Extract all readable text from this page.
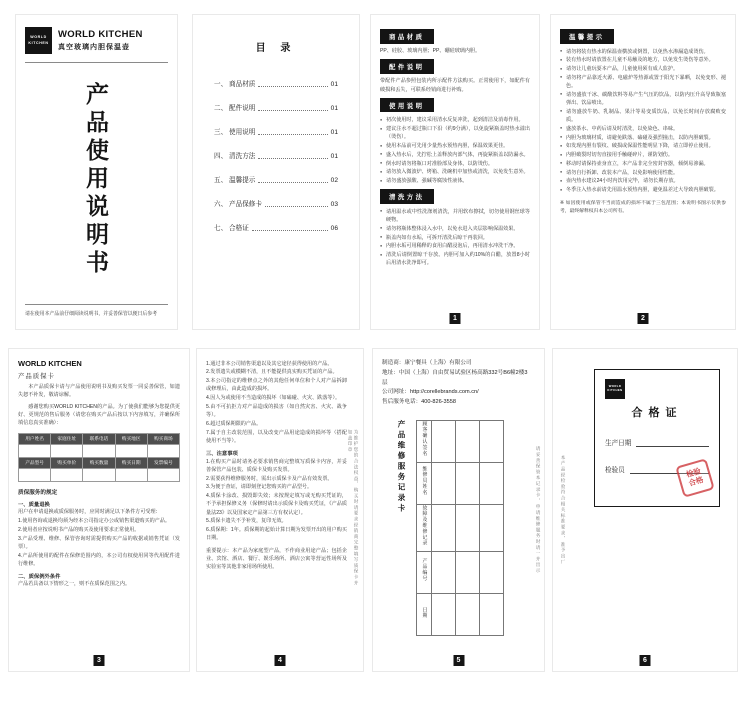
WORLD
KITCHEN
WORLD KITCHEN
真空玻璃内胆保温壶
产品使用说明书
请在使用本产品前仔细阅读说明书，并妥善保管以便日后参考
目 录
一、 商品材质	01
二、 配件说明	01
三、 使用说明	01
四、 清洗方法	01
五、 温馨提示	02
六、 产品保修卡	03
七、 合格证	06
商品材质
PP、硅胶、玻璃内胆；PP、硼硅玻璃内胆。
配件说明
带配件产品参照包装内所示配件方法购买。正常使用下，如配件有破损和丢失，可联系经销商进行补购。
使用说明
● 初次使用时，建议采用清水反复冲洗，起到清洁及消毒作用。
● 建议注水不超过瓶口下沿（约9分满），以免旋紧瓶盖时热水溢出（烫伤）。
● 使用本品前可先用少量热水预热内胆，保温效果更佳。
● 盛入热水后，先拧松上盖释放内部气体，再旋紧瓶盖以防漏水。
● 倒水时请勿将瓶口对准脸部及身体，以防烫伤。
● 请勿放入微波炉、烤箱、洗碗机中加热或清洗，以免发生意外。
● 请勿盛放强酸、强碱等腐蚀性液体。
清洗方法
● 请用温水或中性洗涤剂清洗，并用软布擦拭，切勿使用钢丝球等硬物。
● 请勿将瓶体整体浸入水中，以免水进入夹层影响保温效果。
● 瓶盖内如有水垢，可拆开清洗后晾干再装回。
● 内胆水垢可用稀释的食用白醋浸泡后，再用清水冲洗干净。
● 清洗后请倒置晾干存放。内胆可加入约10%的白醋，放置8小时后用清水洗净即可。
1
温馨提示
● 请勿将装有热水的保温壶横放或倒置，以免热水渗漏造成烫伤。
● 装有热水时请放置在儿童不易触及的地方，以免发生烫伤等意外。
● 请勿让儿童玩耍本产品，儿童使用须有成人监护。
● 请勿将产品靠近火源、电磁炉等热源或置于阳光下暴晒，以免变形、褪色。
● 请勿盛放干冰、碳酸饮料等易产生气压的饮品，以防内压升高导致瓶塞弹出、饮品喷出。
● 请勿盛放牛奶、乳制品、果汁等易变质饮品，以免长时间存放腐败变质。
● 盛放茶水、中药后请及时清洗，以免染色、串味。
● 内胆为玻璃材质，请避免跌落、磕碰及强烈撞击，以防内胆破裂。
● 如发现内胆有裂纹、破损或保温性能明显下降，请立即停止使用。
● 内胆破裂时切勿直接用手触碰碎片，谨防划伤。
● 移动时请保持壶身直立，本产品非完全密封容器，倾倒易渗漏。
● 请勿自行拆卸、改装本产品，以免影响使用性能。
● 壶内热水建议24小时内饮用完毕，请勿长期存放。
● 冬季注入热水前请先用温水预热内胆，避免温差过大导致内胆破裂。
※ 如因使用或保管不当而造成的损坏不属于三包范围；本说明书图示仅供参考，最终解释权归本公司所有。
2
WORLD KITCHEN
产品质保卡

本产品质保卡请与产品使用说明书及购买发票一同妥善保管，如遗失恕不补发，敬请谅解。

感谢您购买WORLD KITCHEN的产品。为了使我们能够为您提供更好、更规范的售后服务（请您在购买产品后按以下内容填写，并确保所填信息真实准确）：

用户姓名	家庭住址	联系电话	购买地区	购买商场

产品型号	购买单价	购买数量	购买日期	发票编号

质保服务的规定
一、质量退换
用户在申请退换或质保服务时，应同时满足以下条件方可受理：
1.使用咨询或退换均须为经本公司指定办公或销售渠道购买的产品。
2.使用者应按说明书产品的购买及使用要求正常使用。
3.产品受理、维修、保管咨询时需提供购买产品的收据或销售凭证（发票）。
4.产品所使用的配件在保修范围内的，本公司有权使用同等代用配件进行维修。
二、质保例外条件
产品若具备以下情形之一，则不在质保范围之内。
3
1.通过非本公司销售渠道以及其它途径获得使用的产品。
2.发票遗失或模糊不清，且不能提供真实购买凭证的产品。
3.本公司指定的维修点之外的其他任何单位和个人对产品拆卸或修理后，由此造成的损坏。
4.因人为或使用不当造成的损坏（如磕碰、火灾、跌落等）。
5.由不可抗拒力对产品造成的损害（如自然灾害、火灾、战争等）。
6.超过质保期限的产品。
7.属于自主改装范围，以及改变产品用途造成的损坏等（搭配使用不当等）。
三、注意事项
1.在购买产品时请务必要求销售商完整填写质保卡内容，并妥善保管产品包装、质保卡及购买发票。
2.需要获得维修服务时，需出示质保卡及产品有效发票。
3.为便于查证，请即刻登记您购买的产品型号。
4.质保卡涂改、损毁即失效；未按规定填写或无购买凭证的，不予承担保修义务（保修时请出示质保卡及购买凭证，《产品质量法23》以及国家定产品第三方有权认定）。
5.质保卡遗失不予补发，复印无效。
6.质保期：1年。质保期的起始计算日期为发票开出的用户购买日期。

重要提示：本产品为家庭型产品，不作商业用途产品；包括企业、宾馆、酒店、餐厅、娱乐场所、酒店公寓等营运性场所及实验室等其他非家用场所使用。	为维护您的合法权益，购买时请要求经销商完整填写质保卡并加盖印章
4
制造商：康宁餐具（上海）有限公司
地址：中国（上海）自由贸易试验区杨高路332号B6幢2楼3层
公司网址：http://corellebrands.com.cn/
售后服务电话：400-826-3558
产品维修服务记录卡	顾客确认签名			
维修员姓名			
故障及维修记录			
产品编号			
日期			
请妥善保管本记录卡，申请维修服务时请一并出示
5
本产品经检验符合相关标准要求，准予出厂
WORLD
KITCHEN
合格证
生产日期
检验员	检验合格
6
